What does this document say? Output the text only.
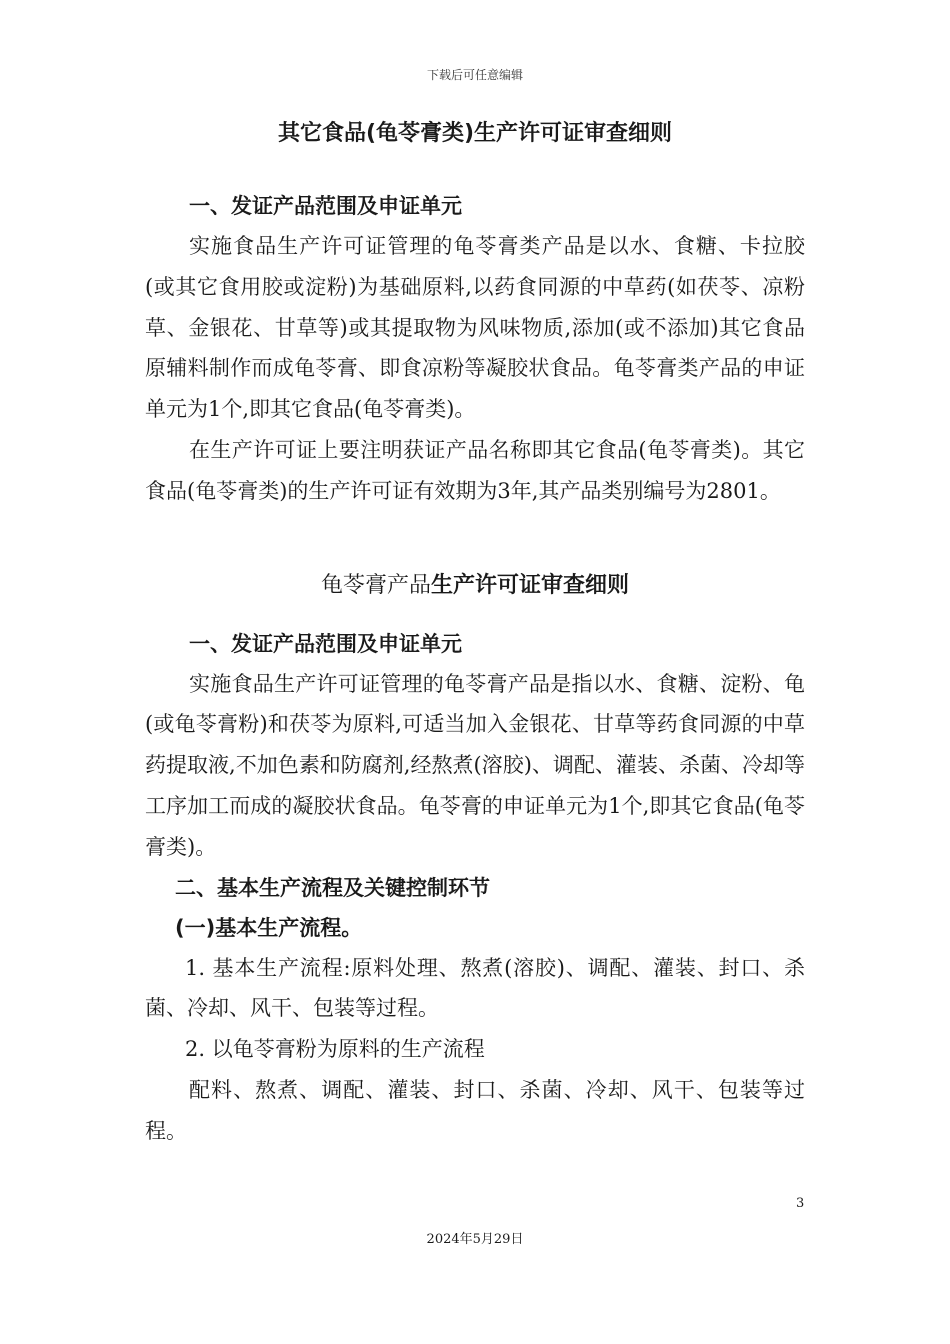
下载后可任意编辑
其它食品(龟苓膏类)生产许可证审查细则
一、发证产品范围及申证单元

实施食品生产许可证管理的龟苓膏类产品是以水、食糖、卡拉胶(或其它食用胶或淀粉)为基础原料,以药食同源的中草药(如茯苓、凉粉草、金银花、甘草等)或其提取物为风味物质,添加(或不添加)其它食品原辅料制作而成龟苓膏、即食凉粉等凝胶状食品。龟苓膏类产品的申证单元为1个,即其它食品(龟苓膏类)。

在生产许可证上要注明获证产品名称即其它食品(龟苓膏类)。其它食品(龟苓膏类)的生产许可证有效期为3年,其产品类别编号为2801。

龟苓膏产品生产许可证审查细则
一、发证产品范围及申证单元

实施食品生产许可证管理的龟苓膏产品是指以水、食糖、淀粉、龟(或龟苓膏粉)和茯苓为原料,可适当加入金银花、甘草等药食同源的中草药提取液,不加色素和防腐剂,经熬煮(溶胶)、调配、灌装、杀菌、冷却等工序加工而成的凝胶状食品。龟苓膏的申证单元为1个,即其它食品(龟苓膏类)。

二、基本生产流程及关键控制环节
(一)基本生产流程。

1. 基本生产流程:原料处理、熬煮(溶胶)、调配、灌装、封口、杀菌、冷却、风干、包装等过程。

2. 以龟苓膏粉为原料的生产流程

配料、熬煮、调配、灌装、封口、杀菌、冷却、风干、包装等过程。

3
2024年5月29日
